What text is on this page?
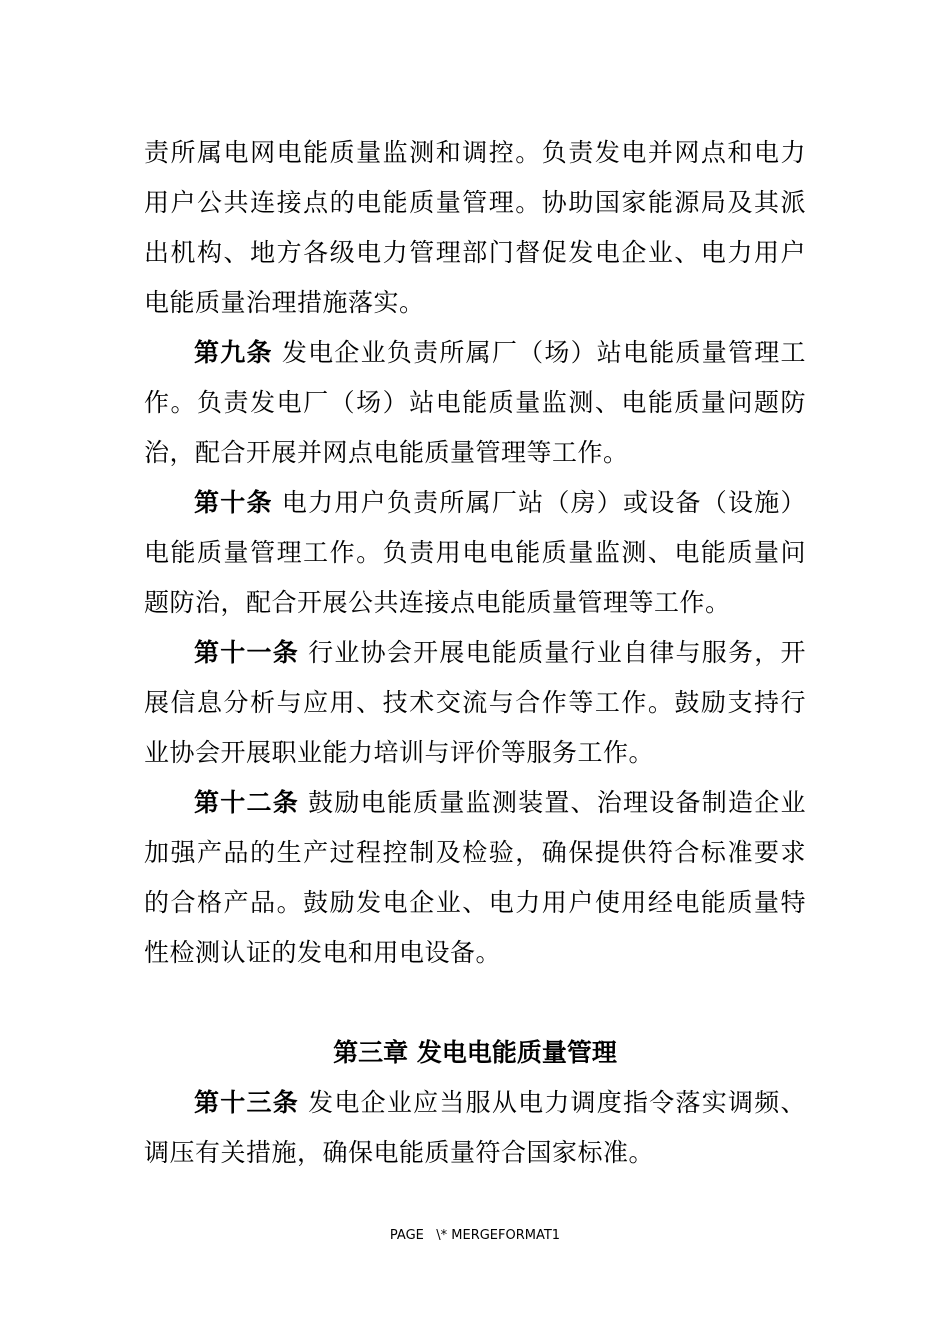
责所属电网电能质量监测和调控。负责发电并网点和电力用户公共连接点的电能质量管理。协助国家能源局及其派出机构、地方各级电力管理部门督促发电企业、电力用户电能质量治理措施落实。

第九条 发电企业负责所属厂（场）站电能质量管理工作。负责发电厂（场）站电能质量监测、电能质量问题防治，配合开展并网点电能质量管理等工作。

第十条 电力用户负责所属厂站（房）或设备（设施）电能质量管理工作。负责用电电能质量监测、电能质量问题防治，配合开展公共连接点电能质量管理等工作。

第十一条 行业协会开展电能质量行业自律与服务，开展信息分析与应用、技术交流与合作等工作。鼓励支持行业协会开展职业能力培训与评价等服务工作。

第十二条 鼓励电能质量监测装置、治理设备制造企业加强产品的生产过程控制及检验，确保提供符合标准要求的合格产品。鼓励发电企业、电力用户使用经电能质量特性检测认证的发电和用电设备。

第三章 发电电能质量管理

第十三条 发电企业应当服从电力调度指令落实调频、调压有关措施，确保电能质量符合国家标准。

PAGE   \* MERGEFORMAT1
